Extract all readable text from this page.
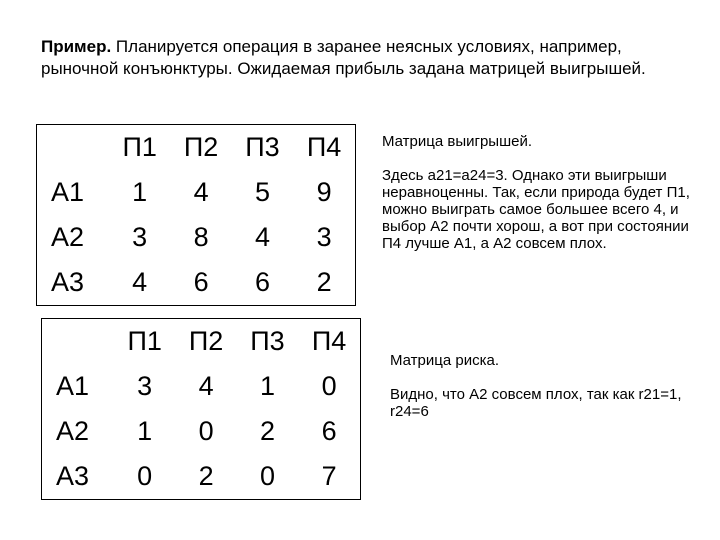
Пример. Планируется операция в заранее неясных условиях, например, рыночной конъюнктуры. Ожидаемая прибыль задана матрицей выигрышей.
	П1	П2	П3	П4
А1	1	4	5	9
А2	3	8	4	3
А3	4	6	6	2
Матрица выигрышей.
Здесь а21=а24=3. Однако эти выигрыши неравноценны. Так, если природа будет П1, можно выиграть самое большее всего 4, и выбор А2 почти хорош, а вот при состоянии П4 лучше А1, а А2 совсем плох.
	П1	П2	П3	П4
А1	3	4	1	0
А2	1	0	2	6
А3	0	2	0	7
Матрица риска.
Видно, что А2 совсем плох, так как r21=1, r24=6
